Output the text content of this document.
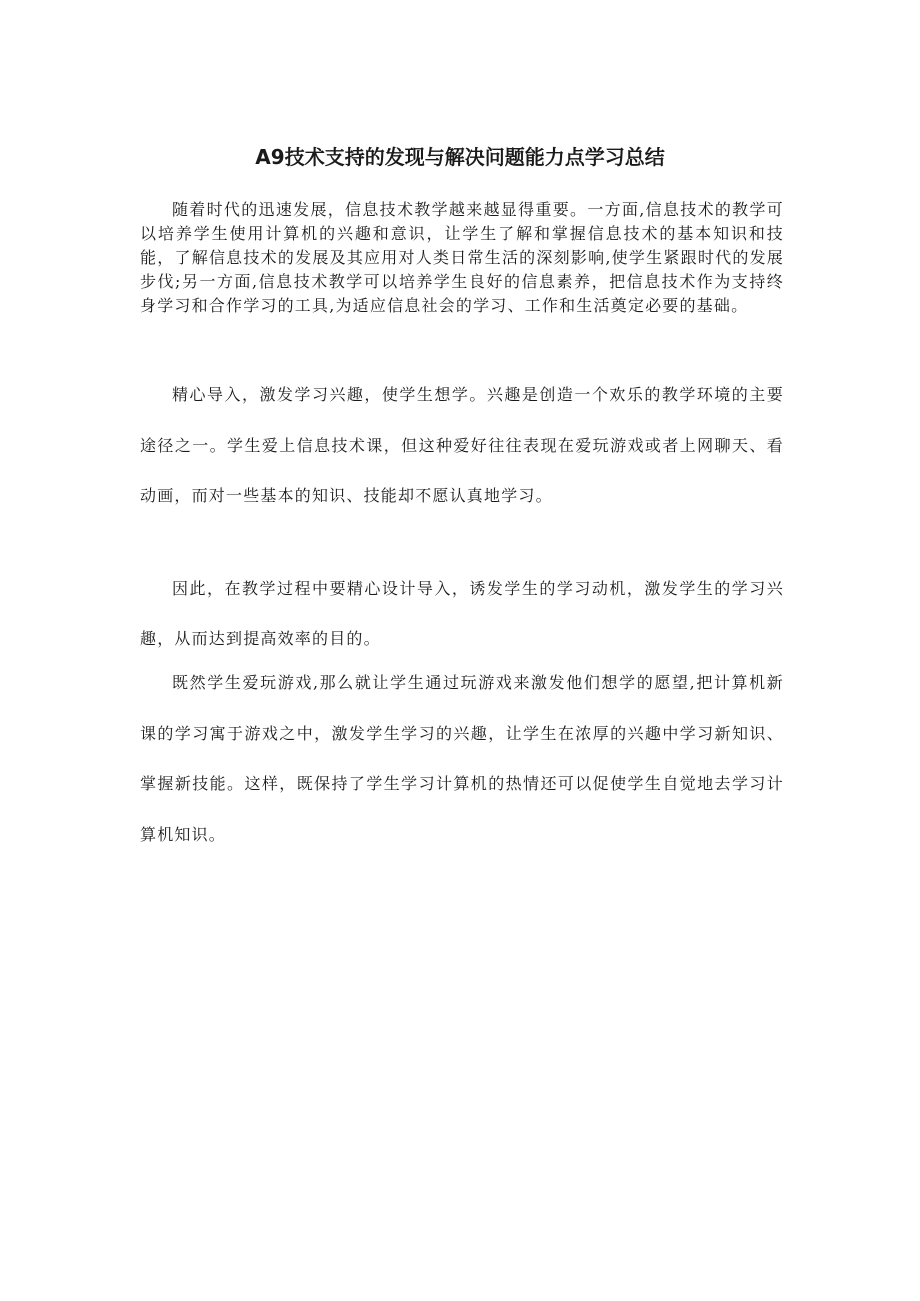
A9技术支持的发现与解决问题能力点学习总结

随着时代的迅速发展，信息技术教学越来越显得重要。一方面,信息技术的教学可以培养学生使用计算机的兴趣和意识，让学生了解和掌握信息技术的基本知识和技能，了解信息技术的发展及其应用对人类日常生活的深刻影响,使学生紧跟时代的发展步伐;另一方面,信息技术教学可以培养学生良好的信息素养，把信息技术作为支持终身学习和合作学习的工具,为适应信息社会的学习、工作和生活奠定必要的基础。

精心导入，激发学习兴趣，使学生想学。兴趣是创造一个欢乐的教学环境的主要途径之一。学生爱上信息技术课，但这种爱好往往表现在爱玩游戏或者上网聊天、看动画，而对一些基本的知识、技能却不愿认真地学习。

因此，在教学过程中要精心设计导入，诱发学生的学习动机，激发学生的学习兴趣，从而达到提高效率的目的。

既然学生爱玩游戏,那么就让学生通过玩游戏来激发他们想学的愿望,把计算机新课的学习寓于游戏之中，激发学生学习的兴趣，让学生在浓厚的兴趣中学习新知识、掌握新技能。这样，既保持了学生学习计算机的热情还可以促使学生自觉地去学习计算机知识。
